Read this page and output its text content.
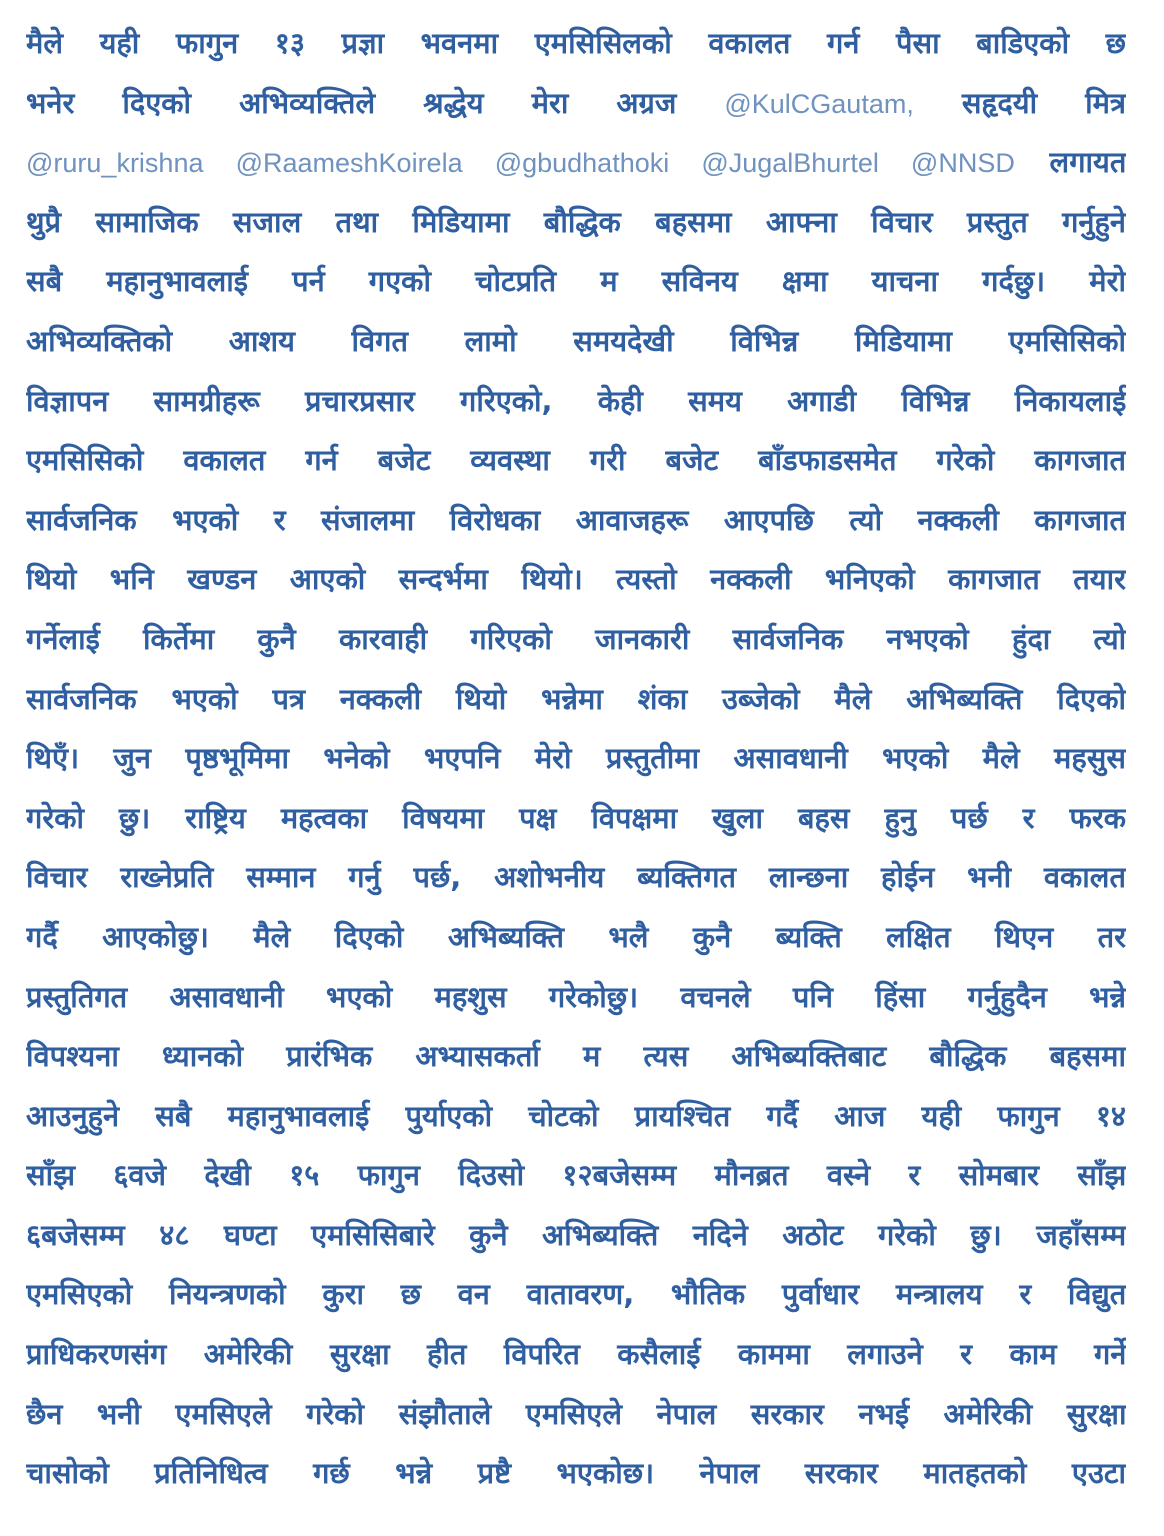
मैले यही फागुन १३ प्रज्ञा भवनमा एमसिसिलको वकालत गर्न पैसा बाडिएको छ
भनेर दिएको अभिव्यक्तिले श्रद्धेय मेरा अग्रज @KulCGautam, सहृदयी मित्र
@ruru_krishna @RaameshKoirela @gbudhathoki @JugalBhurtel @NNSD लगायत
थुप्रै सामाजिक सजाल तथा मिडियामा बौद्धिक बहसमा आफ्ना विचार प्रस्तुत गर्नुहुने
सबै महानुभावलाई पर्न गएको चोटप्रति म सविनय क्षमा याचना गर्दछु। मेरो
अभिव्यक्तिको आशय विगत लामो समयदेखी विभिन्न मिडियामा एमसिसिको
विज्ञापन सामग्रीहरू प्रचारप्रसार गरिएको, केही समय अगाडी विभिन्न निकायलाई
एमसिसिको वकालत गर्न बजेट व्यवस्था गरी बजेट बाँडफाडसमेत गरेको कागजात
सार्वजनिक भएको र संजालमा विरोधका आवाजहरू आएपछि त्यो नक्कली कागजात
थियो भनि खण्डन आएको सन्दर्भमा थियो। त्यस्तो नक्कली भनिएको कागजात तयार
गर्नेलाई किर्तेमा कुनै कारवाही गरिएको जानकारी सार्वजनिक नभएको हुंदा त्यो
सार्वजनिक भएको पत्र नक्कली थियो भन्नेमा शंका उब्जेको मैले अभिब्यक्ति दिएको
थिएँ। जुन पृष्ठभूमिमा भनेको भएपनि मेरो प्रस्तुतीमा असावधानी भएको मैले महसुस
गरेको छु। राष्ट्रिय महत्वका विषयमा पक्ष विपक्षमा खुला बहस हुनु पर्छ र फरक
विचार राख्नेप्रति सम्मान गर्नु पर्छ, अशोभनीय ब्यक्तिगत लान्छना होईन भनी वकालत
गर्दै आएकोछु। मैले दिएको अभिब्यक्ति भलै कुनै ब्यक्ति लक्षित थिएन तर
प्रस्तुतिगत असावधानी भएको महशुस गरेकोछु। वचनले पनि हिंसा गर्नुहुदैन भन्ने
विपश्यना ध्यानको प्रारंभिक अभ्यासकर्ता म त्यस अभिब्यक्तिबाट बौद्धिक बहसमा
आउनुहुने सबै महानुभावलाई पुर्याएको चोटको प्रायश्चित गर्दै आज यही फागुन १४
साँझ ६वजे देखी १५ फागुन दिउसो १२बजेसम्म मौनब्रत वस्ने र सोमबार साँझ
६बजेसम्म ४८ घण्टा एमसिसिबारे कुनै अभिब्यक्ति नदिने अठोट गरेको छु। जहाँसम्म
एमसिएको नियन्त्रणको कुरा छ वन वातावरण, भौतिक पुर्वाधार मन्त्रालय र विद्युत
प्राधिकरणसंग अमेरिकी सुरक्षा हीत विपरित कसैलाई काममा लगाउने र काम गर्ने
छैन भनी एमसिएले गरेको संझौताले एमसिएले नेपाल सरकार नभई अमेरिकी सुरक्षा
चासोको प्रतिनिधित्व गर्छ भन्ने प्रष्टै भएकोछ। नेपाल सरकार मातहतको एउटा
